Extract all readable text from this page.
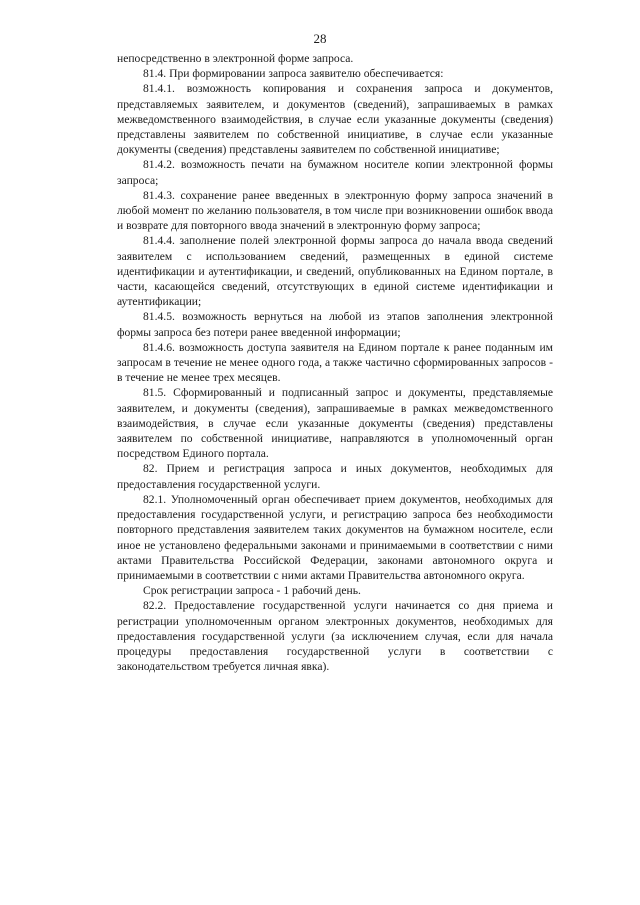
28

непосредственно в электронной форме запроса.

81.4. При формировании запроса заявителю обеспечивается:

81.4.1. возможность копирования и сохранения запроса и документов, представляемых заявителем, и документов (сведений), запрашиваемых в рамках межведомственного взаимодействия, в случае если указанные документы (сведения) представлены заявителем по собственной инициативе, в случае если указанные документы (сведения) представлены заявителем по собственной инициативе;

81.4.2. возможность печати на бумажном носителе копии электронной формы запроса;

81.4.3. сохранение ранее введенных в электронную форму запроса значений в любой момент по желанию пользователя, в том числе при возникновении ошибок ввода и возврате для повторного ввода значений в электронную форму запроса;

81.4.4. заполнение полей электронной формы запроса до начала ввода сведений заявителем с использованием сведений, размещенных в единой системе идентификации и аутентификации, и сведений, опубликованных на Едином портале, в части, касающейся сведений, отсутствующих в единой системе идентификации и аутентификации;

81.4.5. возможность вернуться на любой из этапов заполнения электронной формы запроса без потери ранее введенной информации;

81.4.6. возможность доступа заявителя на Едином портале к ранее поданным им запросам в течение не менее одного года, а также частично сформированных запросов - в течение не менее трех месяцев.

81.5. Сформированный и подписанный запрос и документы, представляемые заявителем, и документы (сведения), запрашиваемые в рамках межведомственного взаимодействия, в случае если указанные документы (сведения) представлены заявителем по собственной инициативе, направляются в уполномоченный орган посредством Единого портала.

82. Прием и регистрация запроса и иных документов, необходимых для предоставления государственной услуги.

82.1. Уполномоченный орган обеспечивает прием документов, необходимых для предоставления государственной услуги, и регистрацию запроса без необходимости повторного представления заявителем таких документов на бумажном носителе, если иное не установлено федеральными законами и принимаемыми в соответствии с ними актами Правительства Российской Федерации, законами автономного округа и принимаемыми в соответствии с ними актами Правительства автономного округа.

Срок регистрации запроса - 1 рабочий день.

82.2. Предоставление государственной услуги начинается со дня приема и регистрации уполномоченным органом электронных документов, необходимых для предоставления государственной услуги (за исключением случая, если для начала процедуры предоставления государственной услуги в соответствии с законодательством требуется личная явка).
